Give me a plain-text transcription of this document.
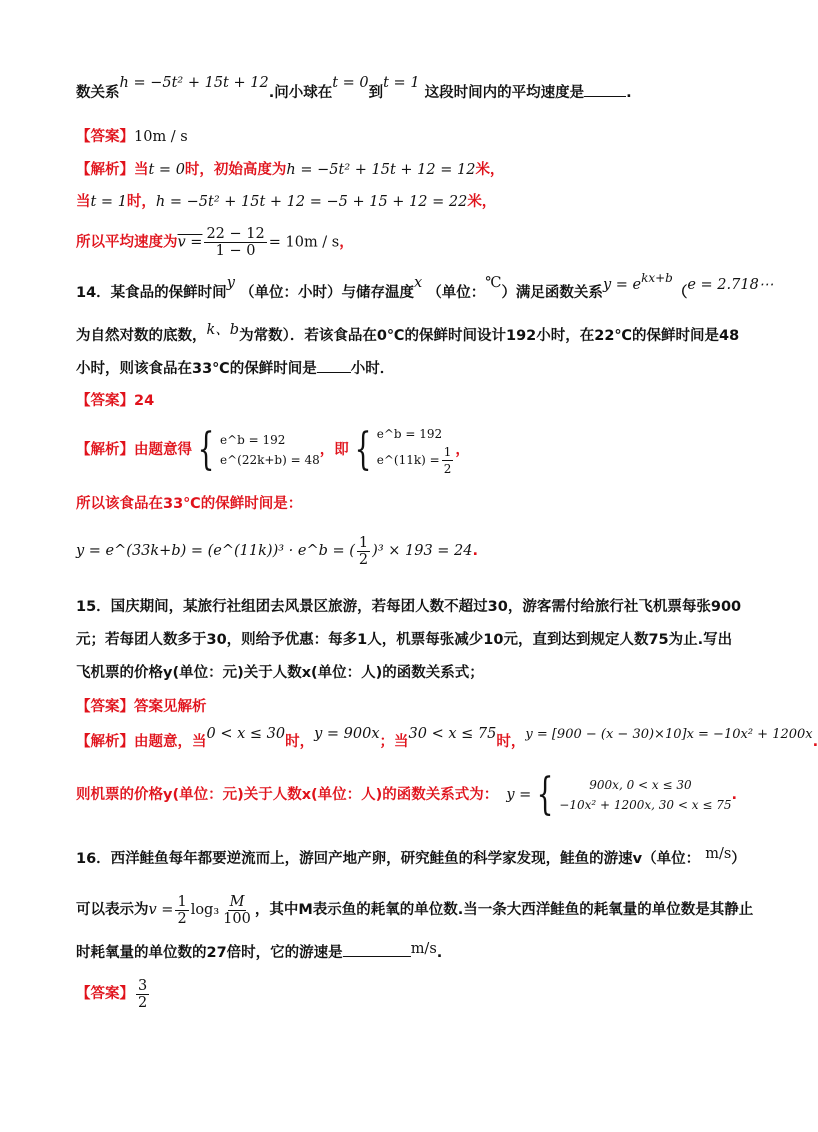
数关系h = −5t² + 15t + 12.问小球在t = 0到t = 1 这段时间内的平均速度是	.
【答案】10m / s
【解析】当t = 0时，初始高度为h = −5t² + 15t + 12 = 12米，
当t = 1时，h = −5t² + 15t + 12 = −5 + 15 + 12 = 22米，
所以平均速度为$v = \frac{22 - 12}{1 - 0} = 10m / s$，
14．某食品的保鲜时间y （单位：小时）与储存温度x （单位：℃）满足函数关系$y = e^{kx+b}(e$ = 2.718⋯
为自然对数的底数，k、b为常数）．若该食品在0℃的保鲜时间设计192小时，在22℃的保鲜时间是48
小时，则该食品在33℃的保鲜时间是 小时．
【答案】24
【解析】 由题意得 { e^b = 192
e^(22k+b) = 48
，即 { e^b = 192
e^(11k) = $\frac{1}{2}$ ，
所以该食品在33℃的保鲜时间是：
y = e^(33k+b) = (e^(11k))³ · e^b = ( $\frac{1}{2} )^3 \times 193 = 24$ .
15．国庆期间，某旅行社组团去风景区旅游，若每团人数不超过30，游客需付给旅行社飞机票每张900
元；若每团人数多于30，则给予优惠：每多1人，机票每张减少10元，直到达到规定人数75为止.写出
飞机票的价格y(单位：元)关于人数x(单位：人)的函数关系式；
【答案】答案见解析
【解析】由题意，当0 < x ≤ 30时，y = 900x；当30 < x ≤ 75时，y = [900 − (x − 30)×10]x = −10x² + 1200x.
则机票的价格y(单位：元)关于人数x(单位：人)的函数关系式为： y = {	900x, 0 < x ≤ 30
−10x² + 1200x, 30 < x ≤ 75
.
16．西洋鲑鱼每年都要逆流而上，游回产地产卵，研究鲑鱼的科学家发现，鲑鱼的游速v（单位： m/s）
可以表示为 $v = \frac{1}{2} \log_3 \frac{M}{100}$ ，其中M表示鱼的耗氧的单位数.当一条大西洋鲑鱼的耗氧量的单位数是其静止
时耗氧量的单位数的27倍时，它的游速是	m/s.
【答案】 $\frac{3}{2}$
